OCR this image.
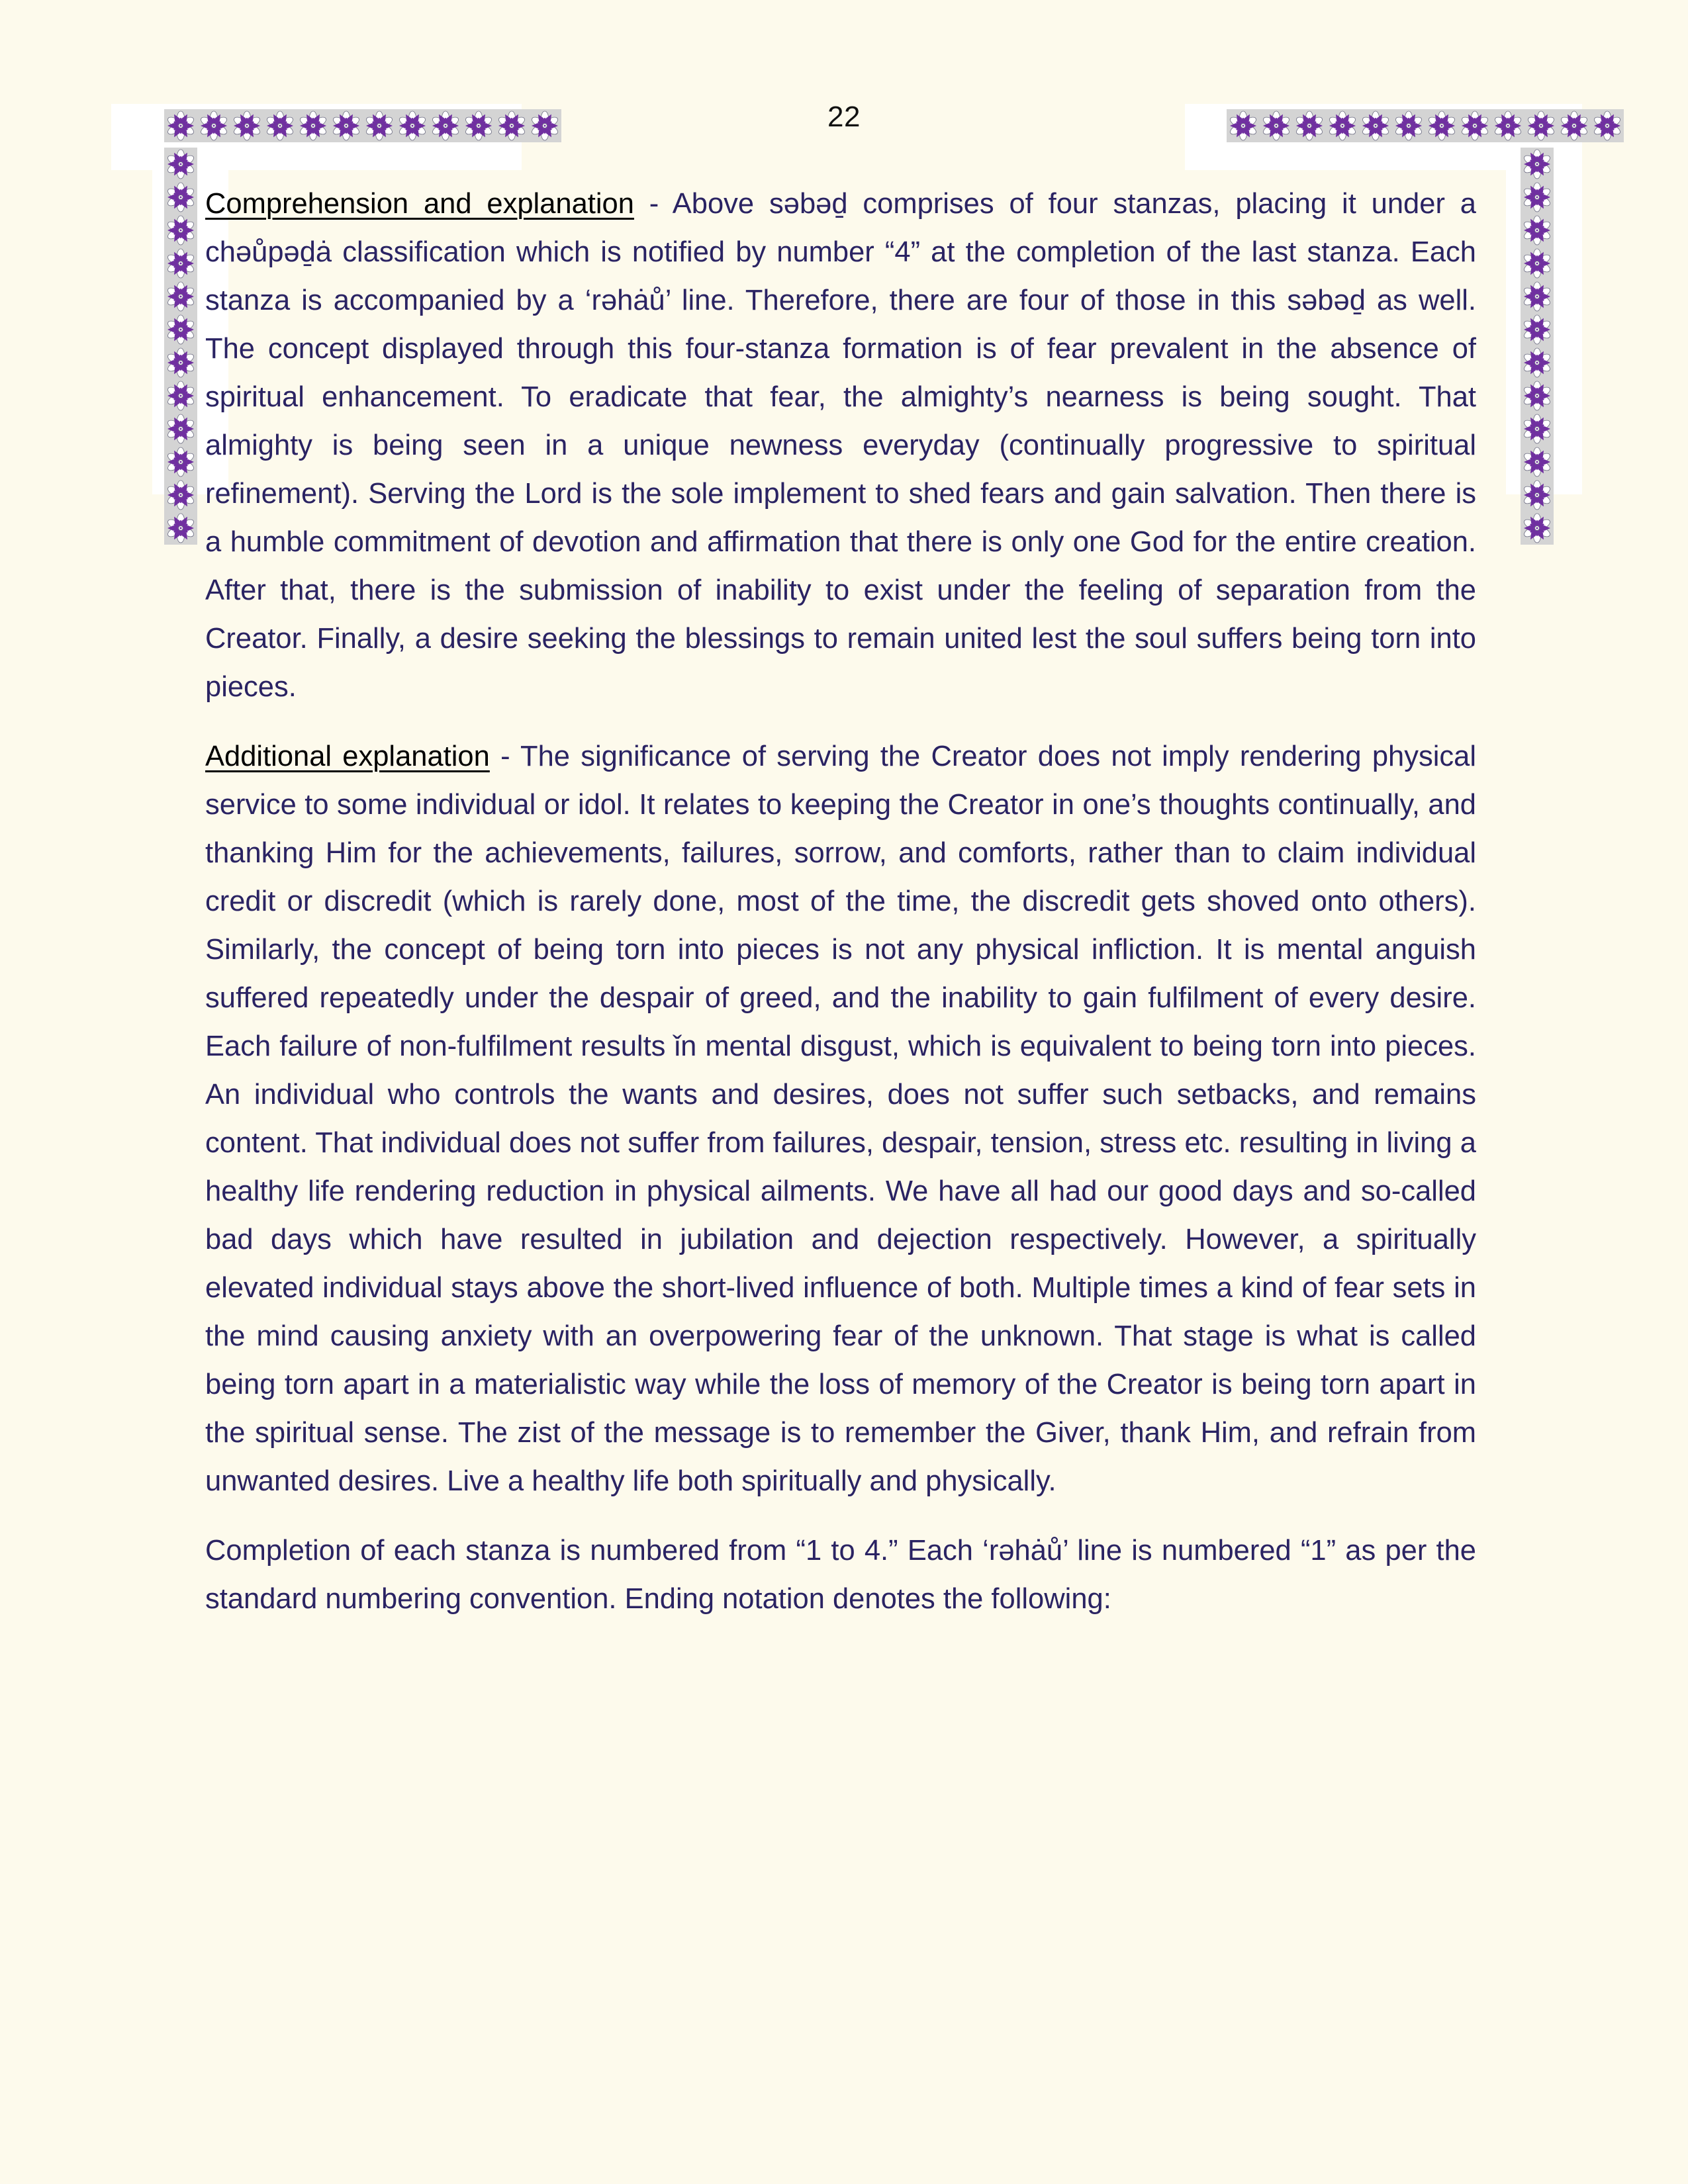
22

Comprehension and explanation - Above səbəḏ comprises of four stanzas, placing it under a chəůpəḏȧ classification which is notified by number “4” at the completion of the last stanza. Each stanza is accompanied by a ‘rəhȧů’ line. Therefore, there are four of those in this səbəḏ as well. The concept displayed through this four-stanza formation is of fear prevalent in the absence of spiritual enhancement. To eradicate that fear, the almighty’s nearness is being sought. That almighty is being seen in a unique newness everyday (continually progressive to spiritual refinement). Serving the Lord is the sole implement to shed fears and gain salvation. Then there is a humble commitment of devotion and affirmation that there is only one God for the entire creation. After that, there is the submission of inability to exist under the feeling of separation from the Creator. Finally, a desire seeking the blessings to remain united lest the soul suffers being torn into pieces.

Additional explanation - The significance of serving the Creator does not imply rendering physical service to some individual or idol. It relates to keeping the Creator in one’s thoughts continually, and thanking Him for the achievements, failures, sorrow, and comforts, rather than to claim individual credit or discredit (which is rarely done, most of the time, the discredit gets shoved onto others). Similarly, the concept of being torn into pieces is not any physical infliction. It is mental anguish suffered repeatedly under the despair of greed, and the inability to gain fulfilment of every desire. Each failure of non-fulfilment results ǐn mental disgust, which is equivalent to being torn into pieces. An individual who controls the wants and desires, does not suffer such setbacks, and remains content. That individual does not suffer from failures, despair, tension, stress etc. resulting in living a healthy life rendering reduction in physical ailments. We have all had our good days and so-called bad days which have resulted in jubilation and dejection respectively. However, a spiritually elevated individual stays above the short-lived influence of both. Multiple times a kind of fear sets in the mind causing anxiety with an overpowering fear of the unknown. That stage is what is called being torn apart in a materialistic way while the loss of memory of the Creator is being torn apart in the spiritual sense. The zist of the message is to remember the Giver, thank Him, and refrain from unwanted desires. Live a healthy life both spiritually and physically.

Completion of each stanza is numbered from “1 to 4.” Each ‘rəhȧů’ line is numbered “1” as per the standard numbering convention. Ending notation denotes the following:
